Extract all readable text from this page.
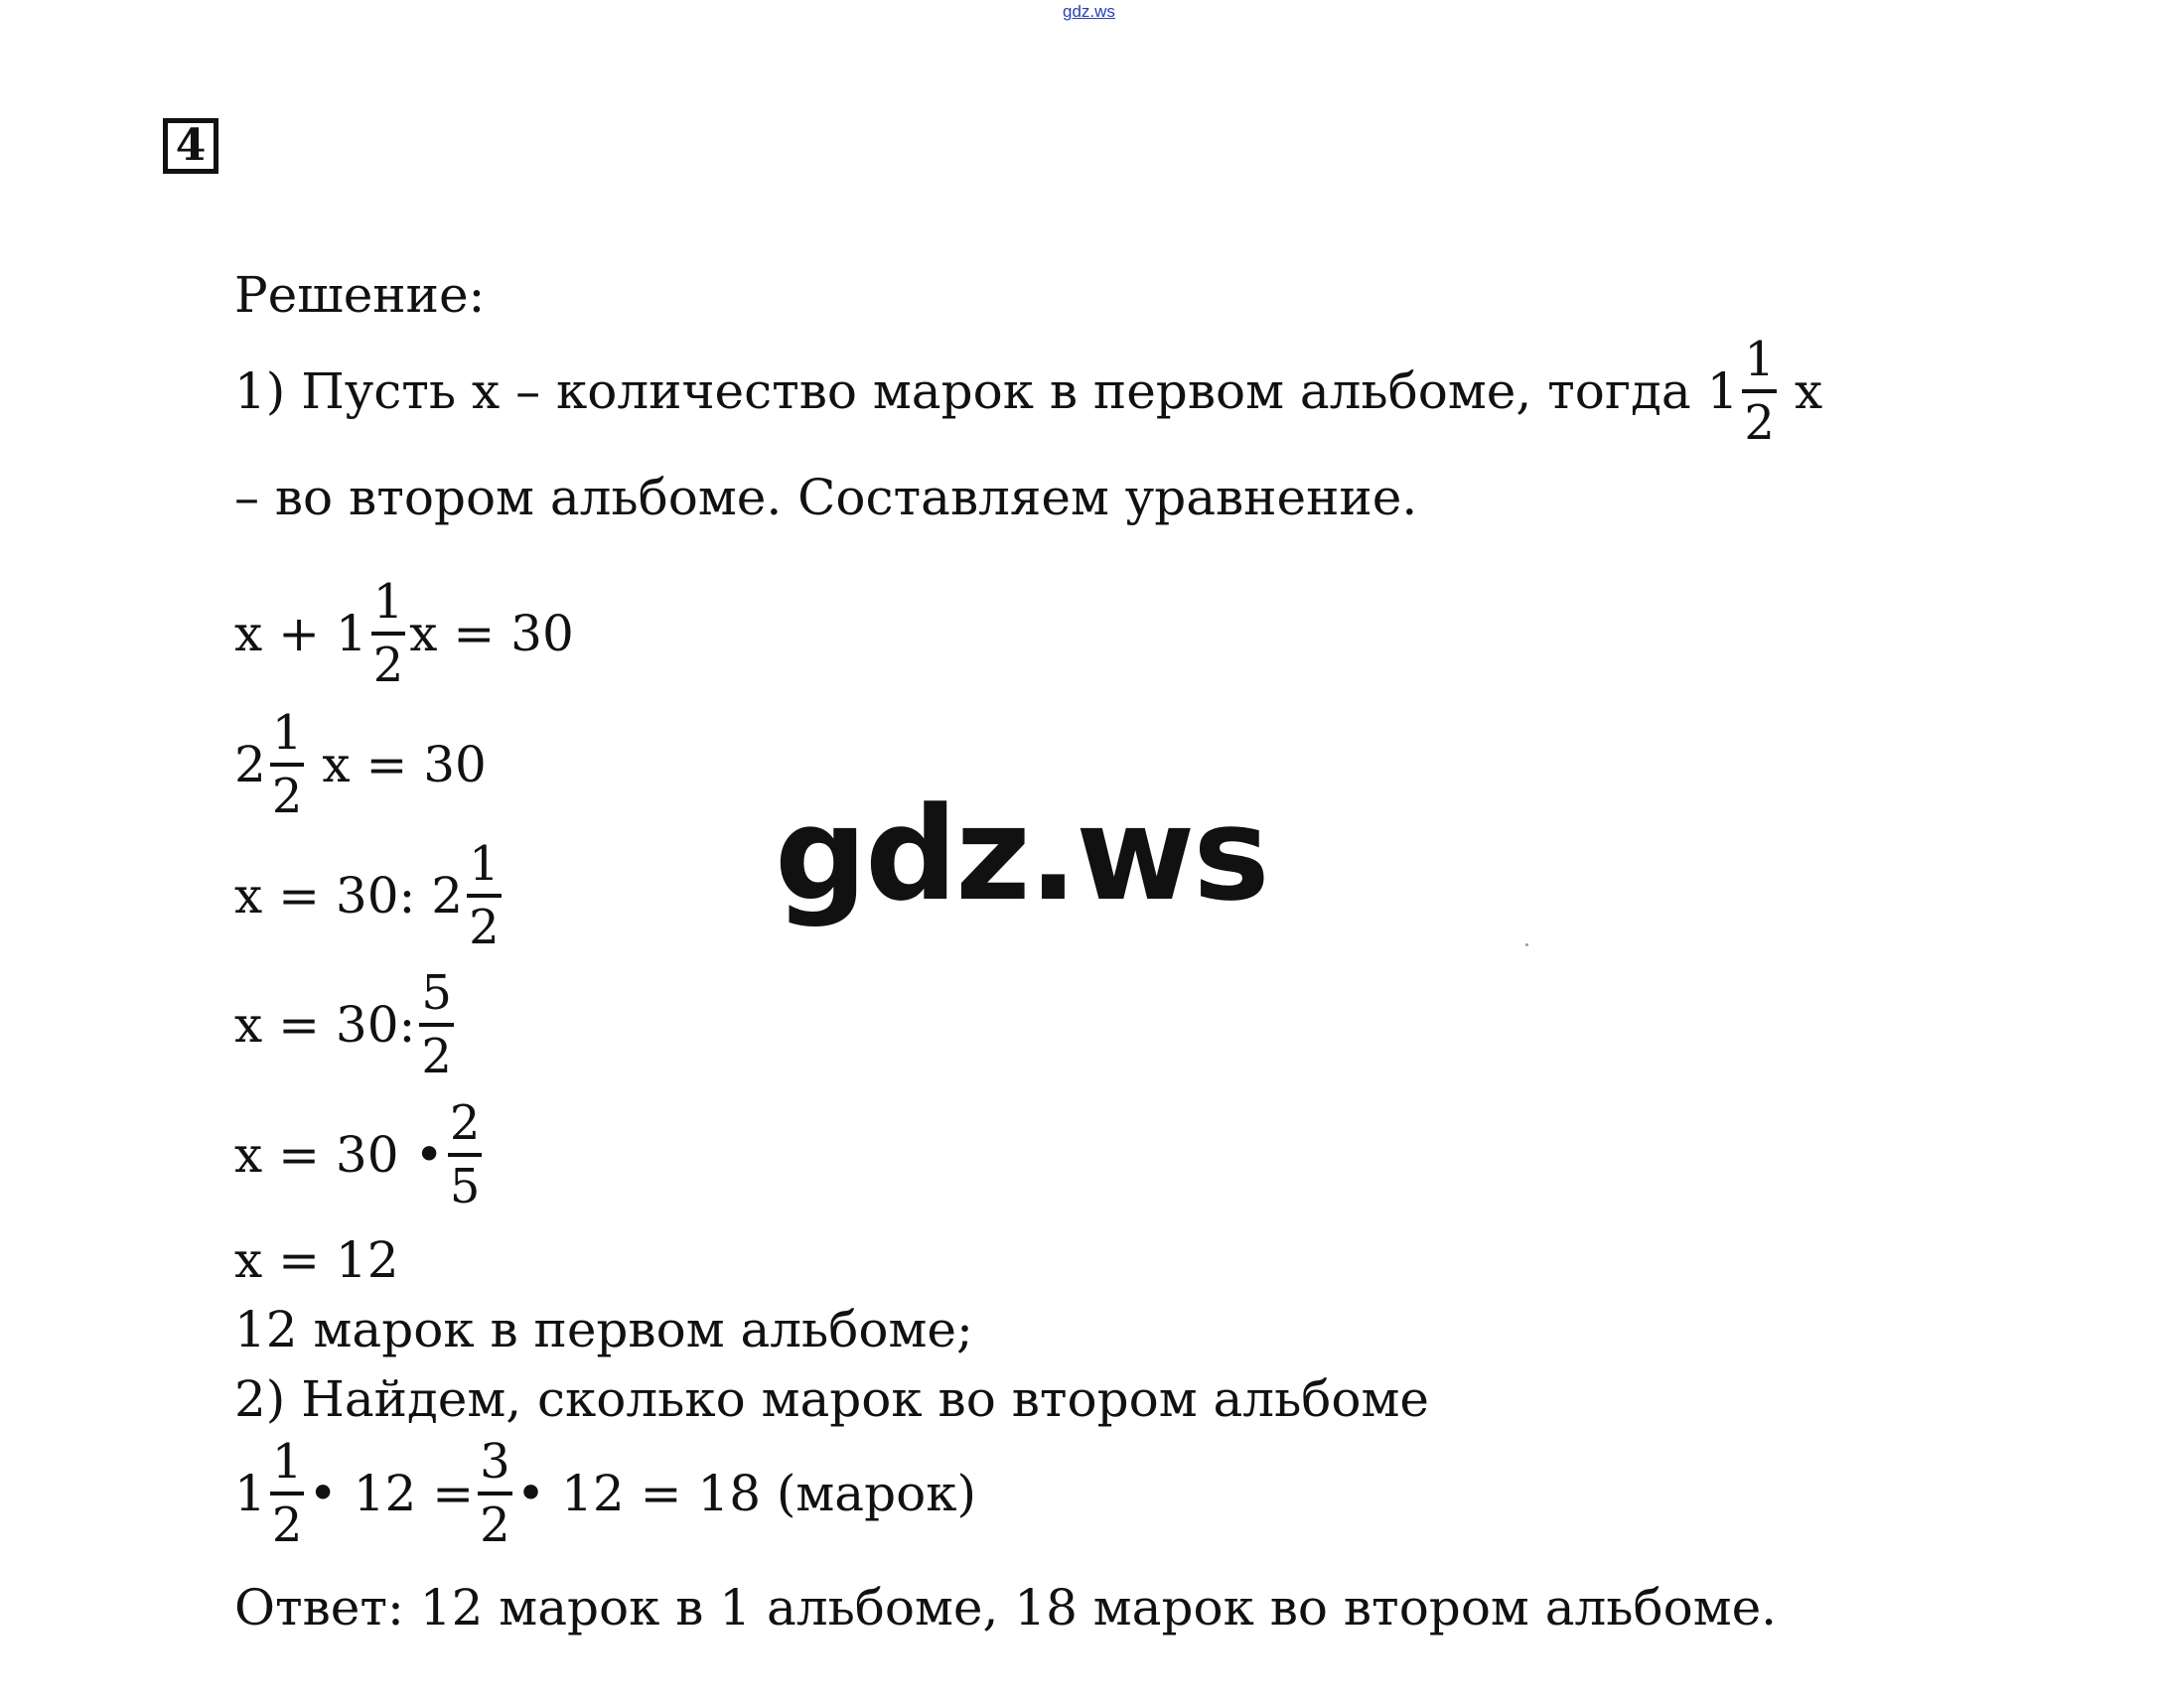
gdz.ws
4
gdz.ws
Решение:
1) Пусть х – количество марок в первом альбоме, тогда $1 \frac{1}{2}$ х
– во втором альбоме. Составляем уравнение.
$х + 1 \frac{1}{2}$ х = 30
$2 \frac{1}{2}$ х = 30
х = 30: $2 \frac{1}{2}$
х = 30: $\frac{5}{2}$
х = 30 • $\frac{2}{5}$
х = 12
12 марок в первом альбоме;
2) Найдем, сколько марок во втором альбоме
$1 \frac{1}{2}$ • $12 = \frac{3}{2}$ • 12 = 18 (марок)
Ответ: 12 марок в 1 альбоме, 18 марок во втором альбоме.
